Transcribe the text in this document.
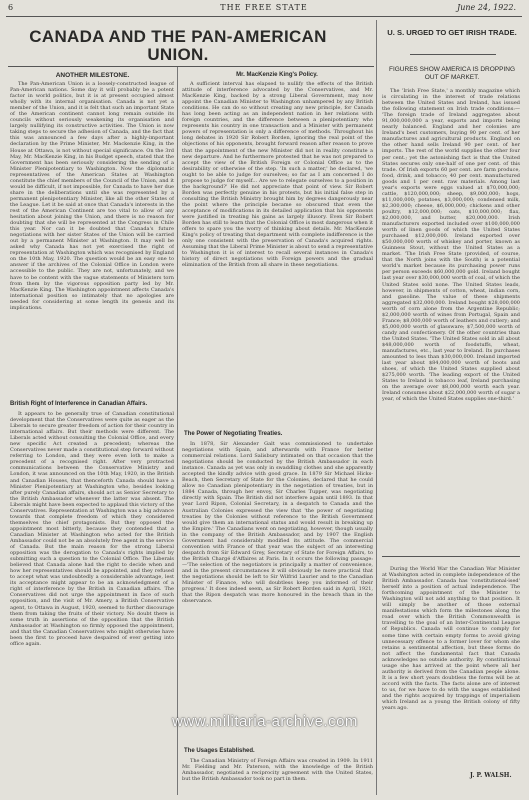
6	THE FREE STATE	June 24, 1922.
CANADA AND THE PAN-AMERICAN UNION.
ANOTHER MILESTONE.

The Pan-American Union is a loosely-constructed league of Pan-American nations. Some day it will probably be a potent factor in world politics, but it is at present occupied almost wholly with its internal organisation. Canada is not yet a member of the Union, and it is felt that such an important State of the American continent cannot long remain outside its councils without seriously weakening its organisation and largely nullifying its constructive activities. The Union is now taking steps to secure the adhesion of Canada, and the fact that this was announced a few days after a highly-important declaration by the Prime Minister, Mr. Mackenzie King, in the House at Ottawa, is not without special significance. On the 3rd May, Mr. MacKenzie King, in his Budget speech, stated that the Government has been seriously considering the sending of a Minister Plenipotentiary to Washington. Now the diplomatic representatives of the American States at Washington constitute the chief members of the Council of the Union, and it would be difficult, if not impossible, for Canada to have her due share in the deliberations until she was represented by a permanent plenipotentiary Minister, like all the other States of the League. Let it be said at once that Canada's interests in the rest of the American Continent are too vital to allow of any hesitation about joining the Union, and there is no reason for doubting that she will be represented at the Congress in Chile this year. Nor can it be doubted that Canada's future negotiations with her sister States of the Union will be carried out by a permanent Minister at Washington. It may well be asked why Canada has not yet exercised the right of representation at Washington which was recognised by England on the 10th May, 1920. The question would be an easy one to answer if the archives of the Colonial Office in London were accessible to the public. They are not, unfortunately, and we have to be content with the vague statements of Ministers torn from them by the vigorous opposition party led by Mr. MacKenzie King. The Washington appointment affects Canada's international position so intimately that no apologies are needed for considering at some length its genesis and its implications.

British Right of Interference in Canadian Affairs.

It appears to be generally true of Canadian constitutional development that the Conservatives were quite as eager as the Liberals to secure greater freedom of action for their country in international affairs. But their methods were different. The Liberals acted without consulting the Colonial Office, and every new specific Act created a precedent; whereas the Conservatives never made a constitutional step forward without referring to London, and they were even loth to make a precedent of a recognised right. After very protracted communications between the Conservative Ministry and London, it was announced on the 10th May, 1920, in the British and Canadian Houses, that thenceforth Canada should have a Minister Plenipotentiary at Washington who, besides looking after purely Canadian affairs, should act as Senior Secretary to the British Ambassador whenever the latter was absent. The Liberals might have been expected to applaud this victory of the Conservatives. Representation at Washington was a big advance towards that complete freedom of which they considered themselves the chief protagonists. But they opposed the appointment most bitterly, because they contended that a Canadian Minister at Washington who acted for the British Ambassador could not be an absolutely free agent in the service of Canada. But the main reason for the strong Liberal opposition was the derogation to Canada's rights implied by submitting such a question to the Colonial Office. The Liberals believed that Canada alone had the right to decide when and how her representatives should be appointed, and they refused to accept what was undoubtedly a considerable advantage, lest its acceptance might appear to be an acknowledgment of a right of interference by the British in Canadian affairs. The Conservatives did not urge the appointment in face of such opposition, and the visit of Mr. Amery, a British Conservative agent, to Ottawa in August, 1920, seemed to further discourage them from taking the fruits of their victory. No doubt there is some truth in assertions of the opposition that the British Ambassador at Washington so firmly opposed the appointment, and that the Canadian Conservatives who might otherwise have been the first to proceed have despaired of ever getting into office again.

Mr. MacKenzie King's Policy.

A sufficient interval has elapsed to nullify the effects of the British attitude of interference advocated by the Conservatives, and Mr. MacKenzie King, backed by a strong Liberal Government, may now appoint the Canadian Minister to Washington unhampered by any British conditions. He can do so without creating any new principle, for Canada has long been acting as an independent nation in her relations with foreign countries, and the difference between a plenipotentiary who represents his country in one transaction and a Minister with permanent powers of representation is only a difference of methods. Throughout his long debates in 1920 Sir Robert Borden, ignoring the real point of the objections of his opponents, brought forward reason after reason to prove that the appointment of the new Minister did not in reality constitute a new departure. And he furthermore protested that he was not prepared to accept the view of the British Foreign or Colonial Office as to the desirability or otherwise of the step. 'In such a matter,' he declared, 'we ought to be able to judge for ourselves; so far as I am concerned I do propose to judge for myself... Are we to relegate ourselves to a position in the background?' He did not appreciate that point of view. Sir Robert Borden was perfectly genuine in his protests, but his initial false step in consulting the British Ministry brought him by degrees dangerously near the point where the principle became so obscured that even the acceptance of modifications in its detailed application that his opponents were justified in treating his gains as largely illusory. Even Sir Robert Borden has still to learn that the Colonial Office is most dangerous when it offers to spare you the worry of thinking about details. Mr. MacKenzie King's policy of treating that department with complete indifference is the only one consistent with the preservation of Canada's acquired rights. Assuming that the Liberal Prime Minister is about to send a representative to Washington it is of interest to recall several instances in Canada's history of direct negotiations with Foreign powers and the gradual elimination of the British from all share in these negotiations.

The Power of Negotiating Treaties.

In 1878, Sir Alexander Galt was commissioned to undertake negotiations with Spain, and afterwards with France for better commercial relations. Lord Salisbury intimated on that occasion that the negotiations should be conducted by the British Ambassador in each instance. Canada as yet was only in swaddling clothes and she apparently accepted the kindly advice with good grace. In 1879 Sir Michael Hicks-Beach, then Secretary of State for the Colonies, declared that he could allow no Canadian plenipotentiary in the negotiation of treaties, but in 1884 Canada, through her envoy, Sir Charles Tupper, was negotiating directly with Spain. The British did not interfere again until 1893. In that year Lord Ripon, Colonial Secretary, in a despatch to Canada and the Australian Colonies expressed the view that 'the power of negotiating treaties by the Colonies without reference to the British Government would give them an international status and would result in breaking up the Empire.' The Canadians went on negotiating, however, though usually in the company of the British Ambassador, and by 1907 the English Government had considerably modified its attitude. The commercial convention with France of that year was the subject of an interesting despatch from Sir Edward Grey, Secretary of State for Foreign Affairs, to the British Chargé d'Affaires at Paris. In it occurs the following passage:—'The selection of the negotiators is principally a matter of convenience, and in the present circumstances it will obviously be more practical that the negotiations should be left to Sir Wilfrid Laurier and to the Canadian Minister of Finance, who will doubtless keep you informed of their progress.' It does indeed seem, as Sir Robert Borden said in April, 1921, that the Ripon despatch was more honoured in the breach than in the observance.

The Usages Established.

The Canadian Ministry of Foreign Affairs was created in 1909. In 1911 Mr. Fielding and Mr. Paterson, with the knowledge of the British Ambassador, negotiated a reciprocity agreement with the United States, but the British Ambassador took no part in them.

U. S. URGED TO GET IRISH TRADE.
FIGURES SHOW AMERICA IS DROPPING OUT OF MARKET.

The 'Irish Free State,' a monthly magazine which is circulating in the interest of trade relations between the United States and Ireland, has issued the following statement on Irish trade conditions:— 'The foreign trade of Ireland aggregates about 91,000,000,000 a year, exports and imports being nearly balanced. England and her colonies are Ireland's best customers, buying 90 per cent. of her manufactures and agricultural products. England on the other hand sells Ireland 90 per cent. of her imports. The rest of the world supplies the other four per cent.; yet the astonishing fact is that the United States secures only one-half of one per cent. of this trade. Of Irish exports 60 per cent. are farm produce, food, drink, and tobacco; 40 per cent. manufactured goods and 1 per cent. raw materials. Among last year's exports were eggs valued at $70,000,000; cattle, $120,000,000; sheep, $9,000,000; hogs, $11,000,000; potatoes, $3,000,000; condensed milk, $2,300,000; cheese, $6,000,000; chickens and other poultry, $12,000,000; oats, $10,000,000; flax, $2,000,000, and butter, $20,000,000. Irish manufacturers exported included over $100,000,000 worth of linen goods of which the United States purchased $12,000,000. Ireland exported over $50,000,000 worth of whiskey and porter, known as Guinness Stout, without the United States as a market. 'The Irish Free State (provided, of course, that the North joins with the South) is a potential world's market because its purchasing power runs per person exceeds $60,000,000 gold. Ireland bought last year over $30,000,000 worth of coal, of which the United States sold none. The United States leads, however, in shipments of cotton, wheat, indian corn, and gasoline. The value of these shipments aggregated $32,000,000. Ireland bought $28,000,000 worth of corn alone from the Argentine Republic; $2,000,000 worth of wines from Portugal, Spain and France; $8,000,000 worth of leathers and cutlery; and $5,000,000 worth of glassware; $7,500,000 worth of candy and confectionery. Of the other countries than the United States. 'The United States sold in all about $48,000,000 worth of foodstuffs, wheat, manufactures, etc., last year to Ireland. Its purchases amounted to less than $30,000,000. Ireland imported last year about $84,000,000 worth of boots and shoes, of which the United States supplied about $275,000 worth. 'The leading export of the United States to Ireland is tobacco leaf, Ireland purchasing on the average over $8,000,000 worth each year. Ireland consumes about $22,000,000 worth of sugar a year, of which the United States supplies one-third.'

During the World War the Canadian War Minister at Washington acted in complete independence of the British Ambassador. Canada has 'constitutional-ised' herself into a position of actual independence. The forthcoming appointment of the Minister to Washington will not add anything to that position. It will simply be another of those external manifestations which form the milestones along the road over which the British Commonwealth is travelling to the goal of an Inter-Continental League of Republics. Canada will continue to comply for some time with certain empty forms to avoid giving unnecessary offence to a former lover for whom she retains a sentimental affection, but these forms do not affect the fundamental fact that Canada acknowledges no outside authority. By constitutional usage she has arrived at the point where all her authority is derived from the Canadian people alone. It is a few short years doubtless the forms will be at accord with the facts. The facts alone are of interest to us, for we have to do with the usages established and the rights acquired by trappings of imperialism which Ireland as a young the British colony of fifty years ago.

J. P. WALSH.
www.militaria-archive.com
